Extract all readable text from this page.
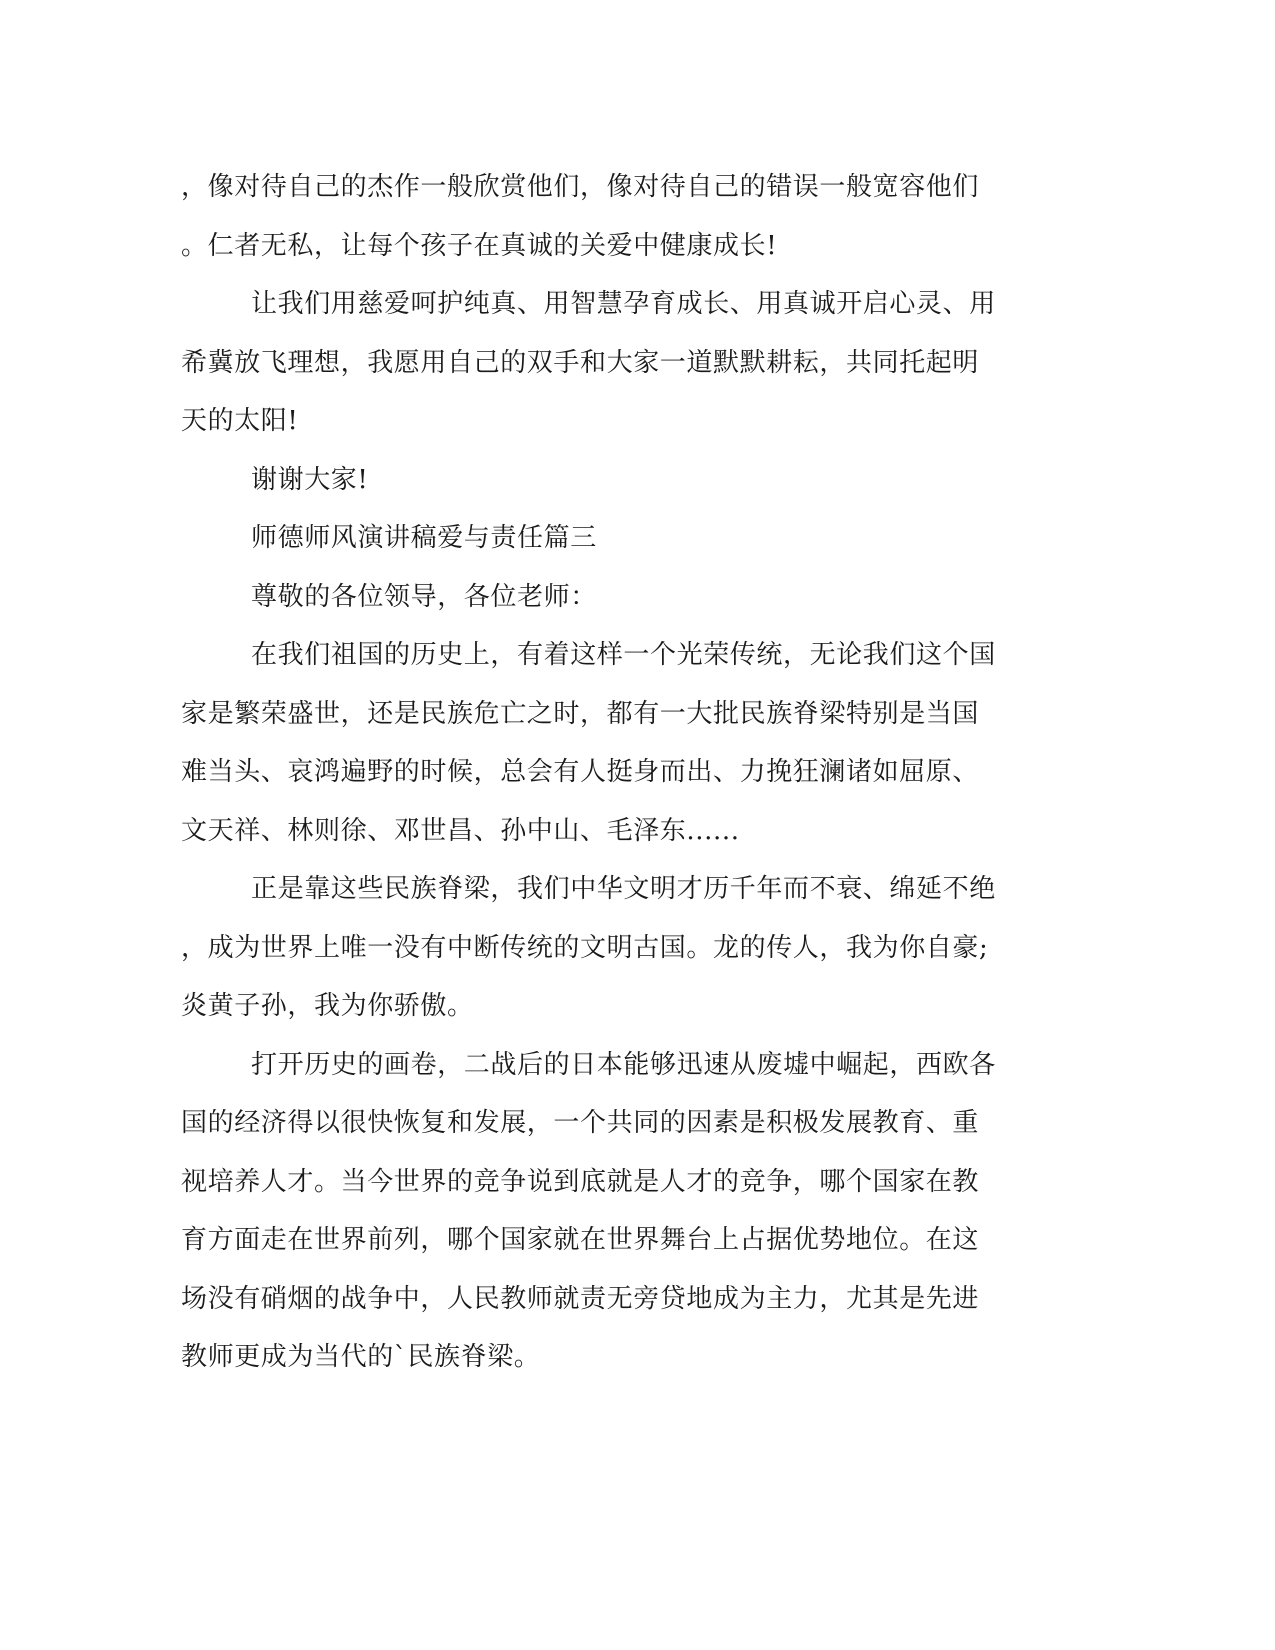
，像对待自己的杰作一般欣赏他们，像对待自己的错误一般宽容他们
。仁者无私，让每个孩子在真诚的关爱中健康成长!
让我们用慈爱呵护纯真、用智慧孕育成长、用真诚开启心灵、用
希冀放飞理想，我愿用自己的双手和大家一道默默耕耘，共同托起明
天的太阳!
谢谢大家!
师德师风演讲稿爱与责任篇三
尊敬的各位领导，各位老师：
在我们祖国的历史上，有着这样一个光荣传统，无论我们这个国
家是繁荣盛世，还是民族危亡之时，都有一大批民族脊梁特别是当国
难当头、哀鸿遍野的时候，总会有人挺身而出、力挽狂澜诸如屈原、
文天祥、林则徐、邓世昌、孙中山、毛泽东......
正是靠这些民族脊梁，我们中华文明才历千年而不衰、绵延不绝
，成为世界上唯一没有中断传统的文明古国。龙的传人，我为你自豪;
炎黄子孙，我为你骄傲。
打开历史的画卷，二战后的日本能够迅速从废墟中崛起，西欧各
国的经济得以很快恢复和发展，一个共同的因素是积极发展教育、重
视培养人才。当今世界的竞争说到底就是人才的竞争，哪个国家在教
育方面走在世界前列，哪个国家就在世界舞台上占据优势地位。在这
场没有硝烟的战争中，人民教师就责无旁贷地成为主力，尤其是先进
教师更成为当代的`民族脊梁。
